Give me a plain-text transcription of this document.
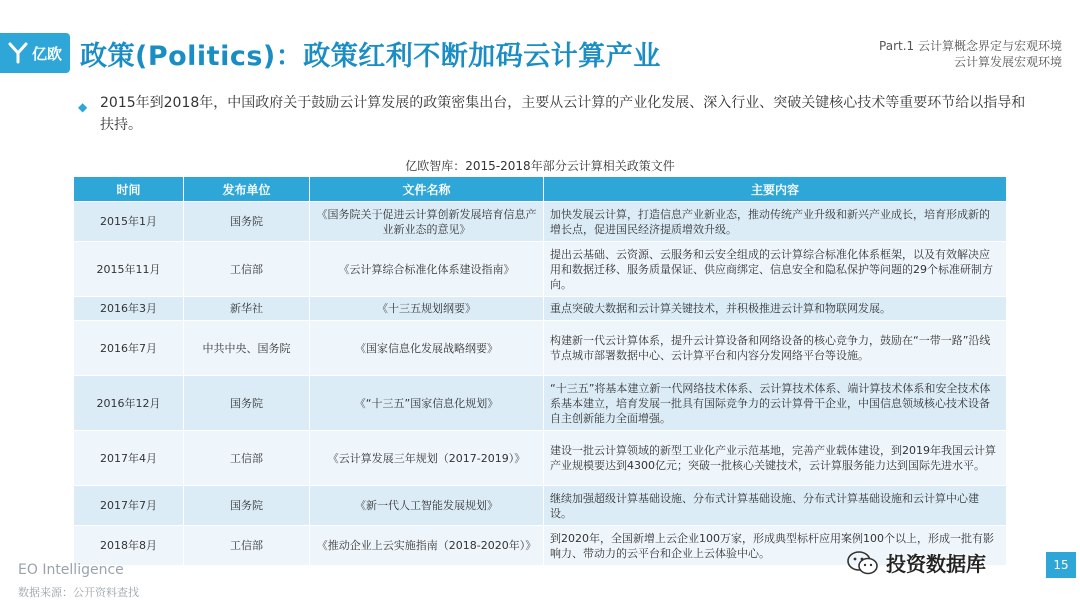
亿欧 政策(Politics)：政策红利不断加码云计算产业	Part.1 云计算概念界定与宏观环境
云计算发展宏观环境
◆ 2015年到2018年，中国政府关于鼓励云计算发展的政策密集出台，主要从云计算的产业化发展、深入行业、突破关键核心技术等重要环节给以指导和扶持。
亿欧智库：2015-2018年部分云计算相关政策文件
时间	发布单位	文件名称	主要内容
2015年1月	国务院	《国务院关于促进云计算创新发展培育信息产业新业态的意见》	加快发展云计算，打造信息产业新业态，推动传统产业升级和新兴产业成长，培育形成新的增长点，促进国民经济提质增效升级。
2015年11月	工信部	《云计算综合标准化体系建设指南》	提出云基础、云资源、云服务和云安全组成的云计算综合标准化体系框架，以及有效解决应用和数据迁移、服务质量保证、供应商绑定、信息安全和隐私保护等问题的29个标准研制方向。
2016年3月	新华社	《十三五规划纲要》	重点突破大数据和云计算关键技术，并积极推进云计算和物联网发展。
2016年7月	中共中央、国务院	《国家信息化发展战略纲要》	构建新一代云计算体系，提升云计算设备和网络设备的核心竞争力，鼓励在“一带一路”沿线节点城市部署数据中心、云计算平台和内容分发网络平台等设施。
2016年12月	国务院	《“十三五”国家信息化规划》	“十三五”将基本建立新一代网络技术体系、云计算技术体系、端计算技术体系和安全技术体系基本建立，培育发展一批具有国际竞争力的云计算骨干企业，中国信息领域核心技术设备自主创新能力全面增强。
2017年4月	工信部	《云计算发展三年规划（2017-2019）》	建设一批云计算领域的新型工业化产业示范基地，完善产业载体建设，到2019年我国云计算产业规模要达到4300亿元；突破一批核心关键技术，云计算服务能力达到国际先进水平。
2017年7月	国务院	《新一代人工智能发展规划》	继续加强超级计算基础设施、分布式计算基础设施、分布式计算基础设施和云计算中心建设。
2018年8月	工信部	《推动企业上云实施指南（2018-2020年）》	到2020年，全国新增上云企业100万家，形成典型标杆应用案例100个以上，形成一批有影响力、带动力的云平台和企业上云体验中心。
EO Intelligence
数据来源：公开资料查找
投资数据库	15
